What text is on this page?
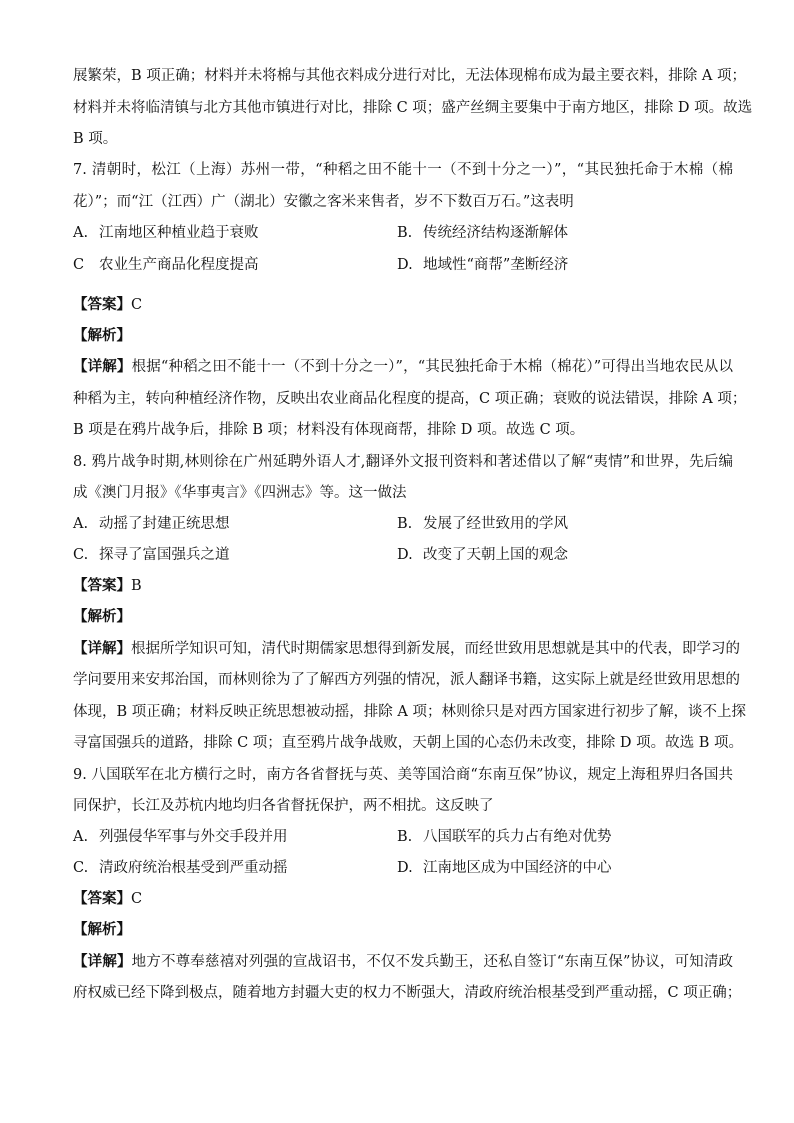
展繁荣，B 项正确；材料并未将棉与其他衣料成分进行对比，无法体现棉布成为最主要衣料，排除 A 项；
材料并未将临清镇与北方其他市镇进行对比，排除 C 项；盛产丝绸主要集中于南方地区，排除 D 项。故选
B 项。
7. 清朝时，松江（上海）苏州一带，“种稻之田不能十一（不到十分之一）”，“其民独托命于木棉（棉
花）”；而“江（江西）广（湖北）安徽之客米来售者，岁不下数百万石。”这表明
A. 江南地区种植业趋于衰败	B. 传统经济结构逐渐解体
C 农业生产商品化程度提高	D. 地域性“商帮”垄断经济
【答案】C
【解析】
【详解】根据“种稻之田不能十一（不到十分之一）”，“其民独托命于木棉（棉花）”可得出当地农民从以
种稻为主，转向种植经济作物，反映出农业商品化程度的提高，C 项正确；衰败的说法错误，排除 A 项；
B 项是在鸦片战争后，排除 B 项；材料没有体现商帮，排除 D 项。故选 C 项。
8. 鸦片战争时期,林则徐在广州延聘外语人才,翻译外文报刊资料和著述借以了解“夷情”和世界，先后编
成《澳门月报》《华事夷言》《四洲志》等。这一做法
A. 动摇了封建正统思想	B. 发展了经世致用的学风
C. 探寻了富国强兵之道	D. 改变了天朝上国的观念
【答案】B
【解析】
【详解】根据所学知识可知，清代时期儒家思想得到新发展，而经世致用思想就是其中的代表，即学习的
学问要用来安邦治国，而林则徐为了了解西方列强的情况，派人翻译书籍，这实际上就是经世致用思想的
体现，B 项正确；材料反映正统思想被动摇，排除 A 项；林则徐只是对西方国家进行初步了解，谈不上探
寻富国强兵的道路，排除 C 项；直至鸦片战争战败，天朝上国的心态仍未改变，排除 D 项。故选 B 项。
9. 八国联军在北方横行之时，南方各省督抚与英、美等国洽商“东南互保”协议，规定上海租界归各国共
同保护，长江及苏杭内地均归各省督抚保护，两不相扰。这反映了
A. 列强侵华军事与外交手段并用	B. 八国联军的兵力占有绝对优势
C. 清政府统治根基受到严重动摇	D. 江南地区成为中国经济的中心
【答案】C
【解析】
【详解】地方不尊奉慈禧对列强的宣战诏书，不仅不发兵勤王，还私自签订“东南互保”协议，可知清政
府权威已经下降到极点，随着地方封疆大吏的权力不断强大，清政府统治根基受到严重动摇，C 项正确；
